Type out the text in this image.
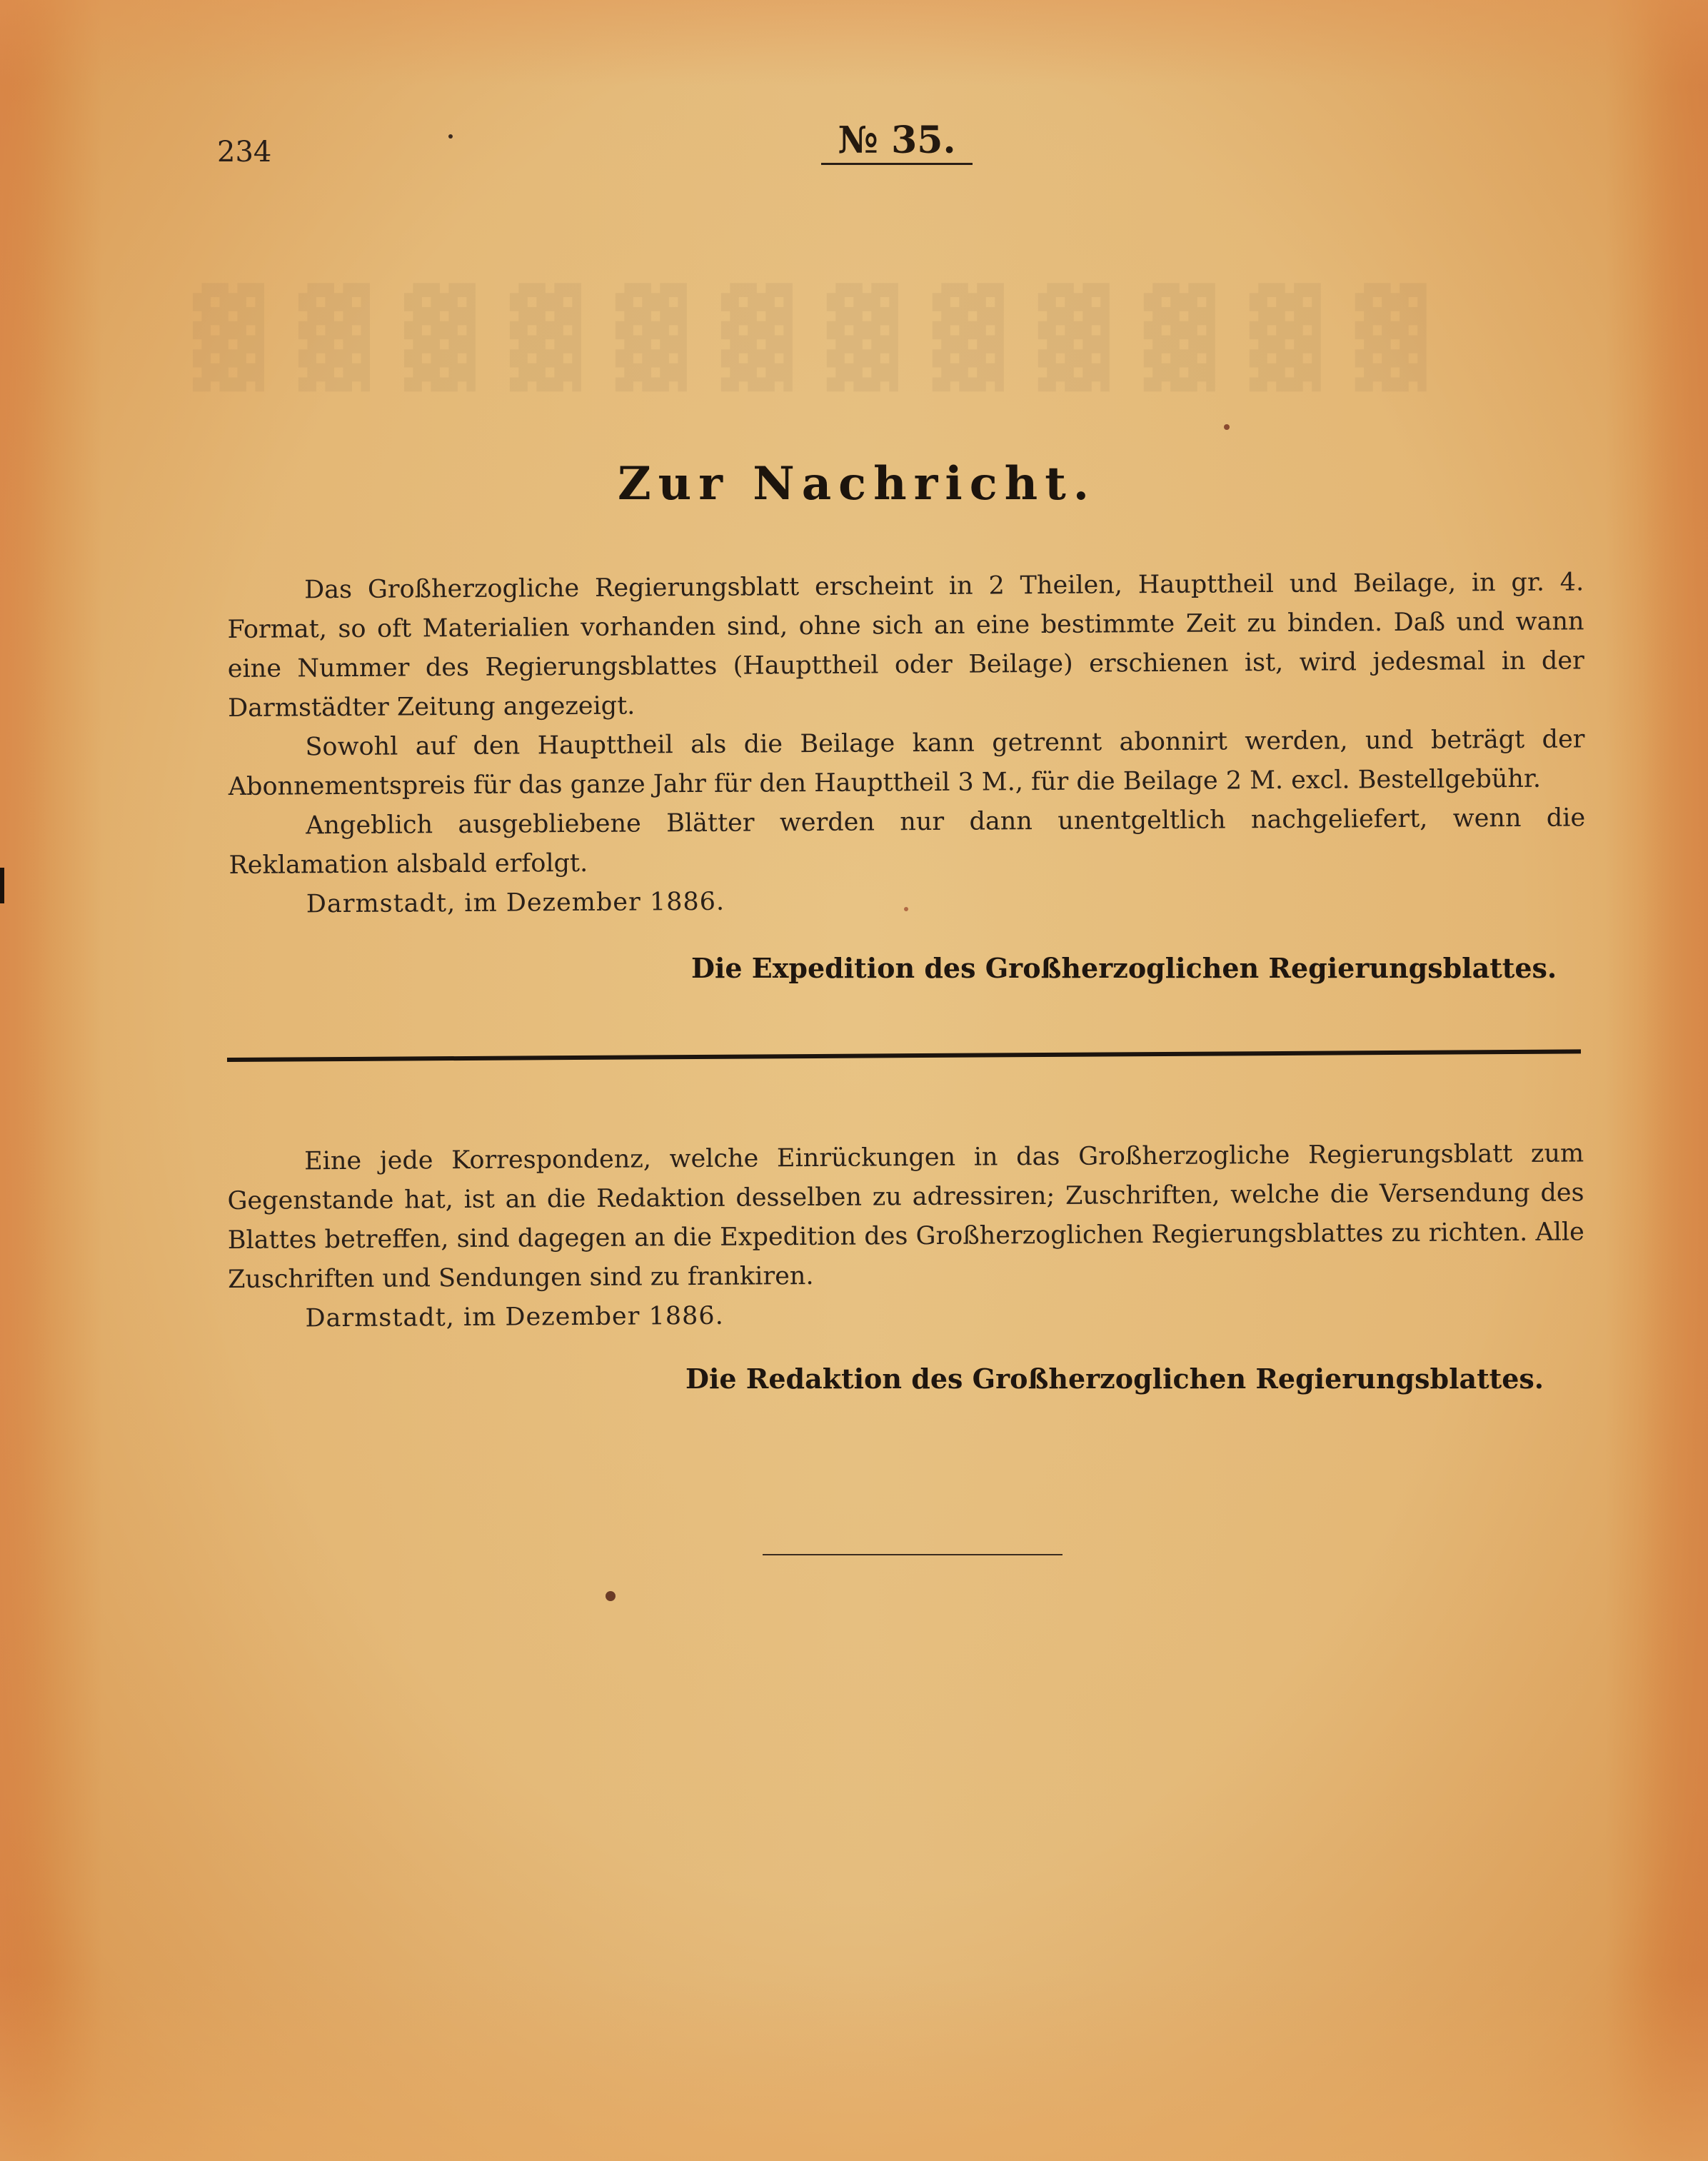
▓▓▓▓▓▓▓▓▓▓▓▓
234	№ 35.
Zur Nachricht.

Das Großherzogliche Regierungsblatt erscheint in 2 Theilen, Haupttheil und Beilage, in gr. 4. Format, so oft Materialien vorhanden sind, ohne sich an eine bestimmte Zeit zu binden. Daß und wann eine Nummer des Regierungsblattes (Haupttheil oder Beilage) erschienen ist, wird jedesmal in der Darmstädter Zeitung angezeigt.

Sowohl auf den Haupttheil als die Beilage kann getrennt abonnirt werden, und beträgt der Abonnementspreis für das ganze Jahr für den Haupttheil 3 M., für die Beilage 2 M. excl. Bestellgebühr.

Angeblich ausgebliebene Blätter werden nur dann unentgeltlich nachgeliefert, wenn die Reklamation alsbald erfolgt.

Darmstadt, im Dezember 1886.

Die Expedition des Großherzoglichen Regierungsblattes.

Eine jede Korrespondenz, welche Einrückungen in das Großherzogliche Regierungsblatt zum Gegenstande hat, ist an die Redaktion desselben zu adressiren; Zuschriften, welche die Versendung des Blattes betreffen, sind dagegen an die Expedition des Großherzoglichen Regierungsblattes zu richten. Alle Zuschriften und Sendungen sind zu frankiren.

Darmstadt, im Dezember 1886.

Die Redaktion des Großherzoglichen Regierungsblattes.
